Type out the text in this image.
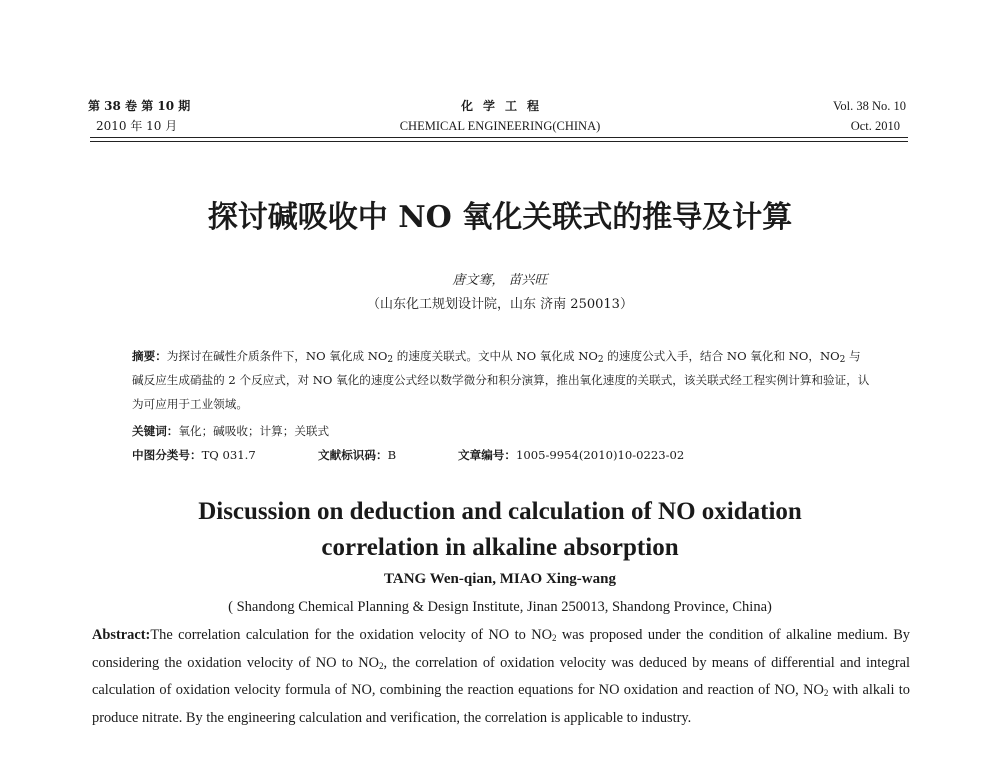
第 38 卷 第 10 期
2010 年 10 月
化学工程
CHEMICAL ENGINEERING(CHINA)
Vol. 38 No. 10
Oct. 2010
探讨碱吸收中 NO 氧化关联式的推导及计算
唐文骞， 苗兴旺
（山东化工规划设计院，山东 济南 250013）

摘要：为探讨在碱性介质条件下，NO 氧化成 $NO_2$ 的速度关联式。文中从 NO 氧化成 $NO_2$ 的速度公式入手，结合 NO 氧化和 NO，$NO_2$ 与碱反应生成硝盐的 2 个反应式，对 NO 氧化的速度公式经以数学微分和积分演算，推出氧化速度的关联式，该关联式经工程实例计算和验证，认为可应用于工业领域。

关键词：氧化；碱吸收；计算；关联式

中图分类号：TQ 031.7	文献标识码：B	文章编号：1005-9954(2010)10-0223-02
Discussion on deduction and calculation of NO oxidation
correlation in alkaline absorption
TANG Wen-qian, MIAO Xing-wang
( Shandong Chemical Planning & Design Institute, Jinan 250013, Shandong Province, China)

Abstract:The correlation calculation for the oxidation velocity of NO to $NO_2$ was proposed under the condition of alkaline medium. By considering the oxidation velocity of NO to $NO_2$, the correlation of oxidation velocity was deduced by means of differential and integral calculation of oxidation velocity formula of NO, combining the reaction equations for NO oxidation and reaction of NO, $NO_2$ with alkali to produce nitrate. By the engineering calculation and verification, the correlation is applicable to industry.
